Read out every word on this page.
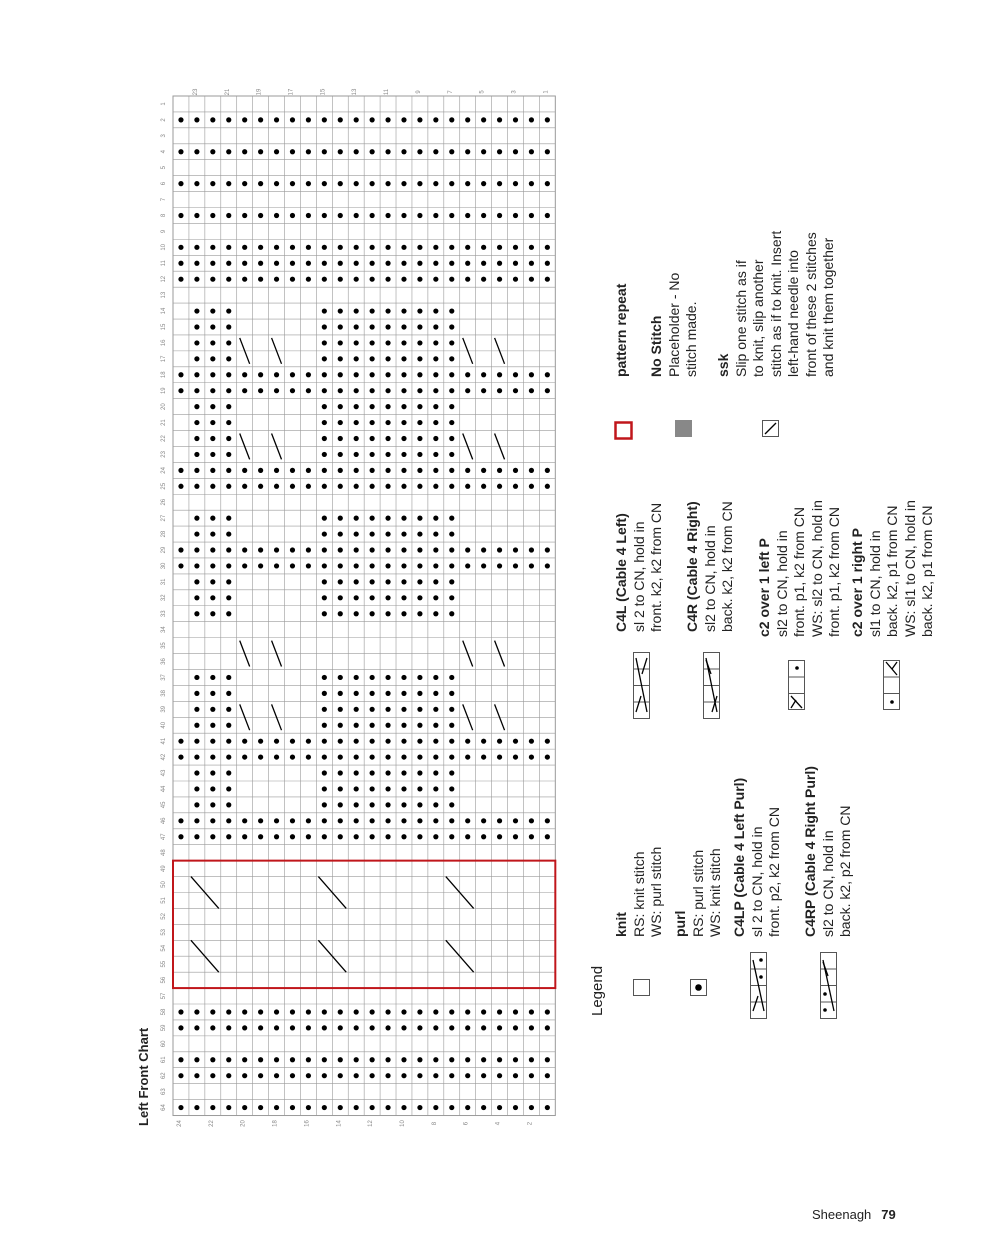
Left Front Chart
1
2
3
4
5
6
7
8
9
10
11
12
13
14
15
16
17
18
19
20
21
22
23
24
25
26
27
28
29
30
31
32
33
34
35
36
37
38
39
40
41
42
43
44
45
46
47
48
49
50
51
52
53
54
55
56
57
58
59
60
61
62
63
64
24
23
22
21
20
19
18
17
16
15
14
13
12
11
10
9
8
7
6
5
4
3
2
1
Legend
knit RS: knit stitch WS: purl stitch purl RS: purl stitch WS: knit stitch C4LP (Cable 4 Left Purl) sl 2 to CN, hold in front. p2, k2 from CN C4RP (Cable 4 Right Purl) sl2 to CN, hold in back. k2, p2 from CN
C4L (Cable 4 Left) sl 2 to CN, hold in front. k2, k2 from CN C4R (Cable 4 Right) sl2 to CN, hold in back. k2, k2 from CN c2 over 1 left P sl2 to CN, hold in front. p1, k2 from CN WS: sl2 to CN, hold in front. p1, k2 from CN c2 over 1 right P sl1 to CN, hold in back. k2, p1 from CN WS: sl1 to CN, hold in back. k2, p1 from CN
pattern repeat No Stitch Placeholder - No stitch made. ssk Slip one stitch as if to knit, slip another stitch as if to knit. Insert left-hand needle into front of these 2 stitches and knit them together
Sheenagh 79
